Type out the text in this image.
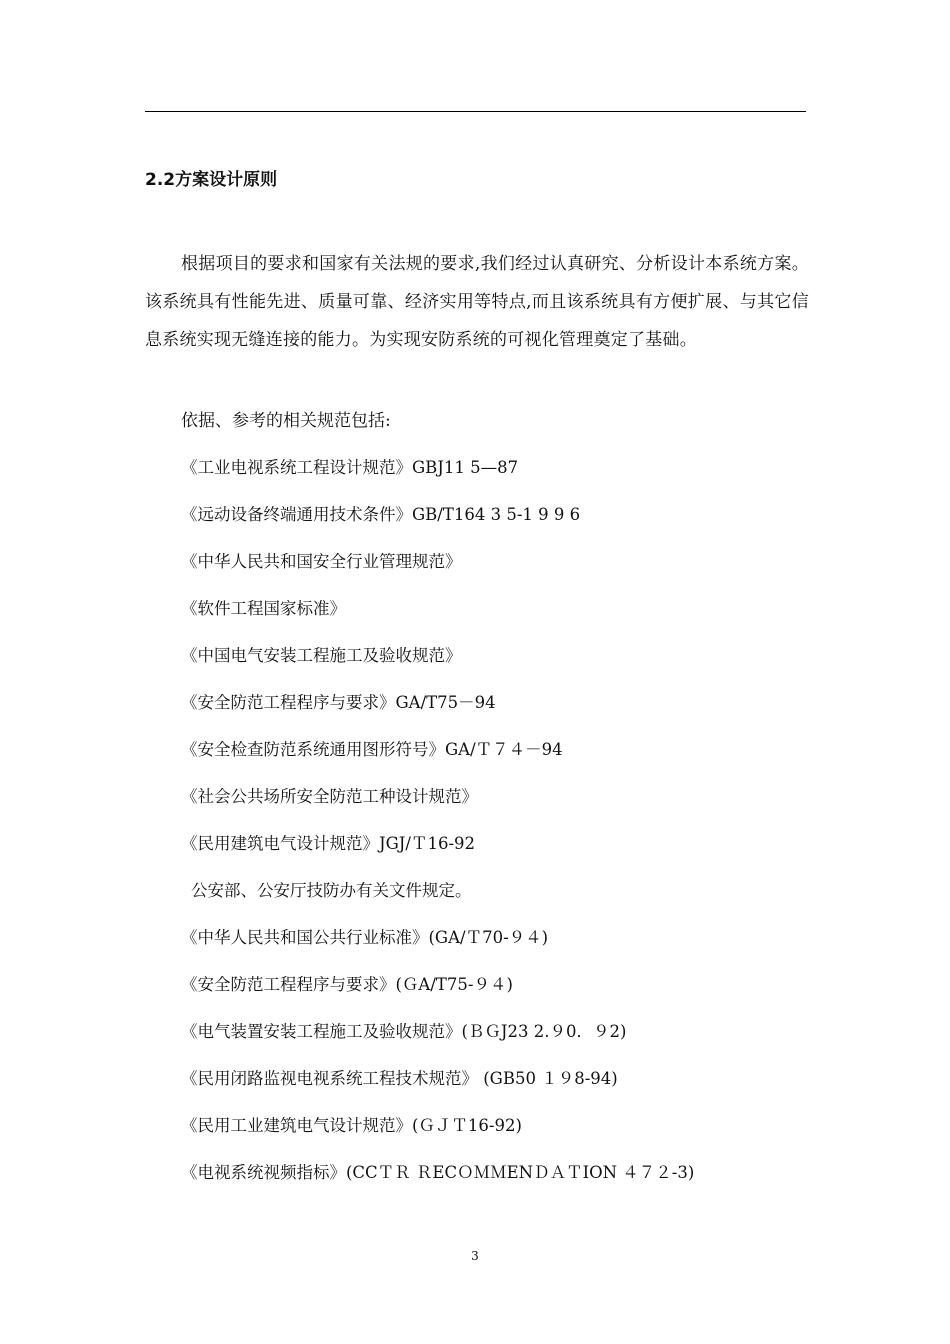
2.2方案设计原则

根据项目的要求和国家有关法规的要求,我们经过认真研究、分析设计本系统方案。该系统具有性能先进、质量可靠、经济实用等特点,而且该系统具有方便扩展、与其它信息系统实现无缝连接的能力。为实现安防系统的可视化管理奠定了基础。

依据、参考的相关规范包括:
《工业电视系统工程设计规范》GBJ11 5—87
《远动设备终端通用技术条件》GB/T164 3 5-1 9 9 6
《中华人民共和国安全行业管理规范》
《软件工程国家标准》
《中国电气安装工程施工及验收规范》
《安全防范工程程序与要求》GA/T75－94
《安全检查防范系统通用图形符号》GA/Ｔ７４－94
《社会公共场所安全防范工种设计规范》
《民用建筑电气设计规范》JGJ/Ｔ16-92
公安部、公安厅技防办有关文件规定。
《中华人民共和国公共行业标准》(GA/Ｔ70-９４)
《安全防范工程程序与要求》(ＧA/T75-９４)
《电气装置安装工程施工及验收规范》(ＢＧJ23 2.９0．９2)
《民用闭路监视电视系统工程技术规范》 (GB50 １９8-94)
《民用工业建筑电气设计规范》(ＧＪＴ16-92)
《电视系统视频指标》(CCＴＲ ＲECＯＭＭENＤＡＴION ４７２-3)
3
